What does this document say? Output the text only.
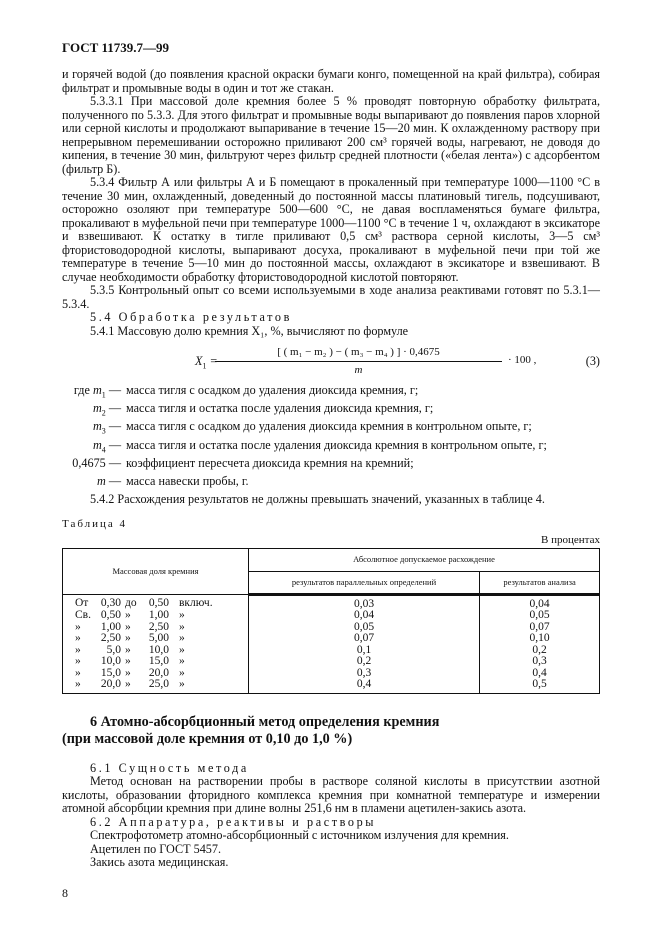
ГОСТ 11739.7—99

и горячей водой (до появления красной окраски бумаги конго, помещенной на край фильтра), собирая фильтрат и промывные воды в один и тот же стакан.

5.3.3.1 При массовой доле кремния более 5 % проводят повторную обработку фильтрата, полученного по 5.3.3. Для этого фильтрат и промывные воды выпаривают до появления паров хлорной или серной кислоты и продолжают выпаривание в течение 15—20 мин. К охлажденному раствору при непрерывном перемешивании осторожно приливают 200 см³ горячей воды, нагревают, не доводя до кипения, в течение 30 мин, фильтруют через фильтр средней плотности («белая лента») с адсорбентом (фильтр Б).

5.3.4 Фильтр А или фильтры А и Б помещают в прокаленный при температуре 1000—1100 °С в течение 30 мин, охлажденный, доведенный до постоянной массы платиновый тигель, подсушивают, осторожно озоляют при температуре 500—600 °С, не давая воспламеняться бумаге фильтра, прокаливают в муфельной печи при температуре 1000—1100 °С в течение 1 ч, охлаждают в эксикаторе и взвешивают. К остатку в тигле приливают 0,5 см³ раствора серной кислоты, 3—5 см³ фтористоводородной кислоты, выпаривают досуха, прокаливают в муфельной печи при той же температуре в течение 5—10 мин до постоянной массы, охлаждают в эксикаторе и взвешивают. В случае необходимости обработку фтористоводородной кислотой повторяют.

5.3.5 Контрольный опыт со всеми используемыми в ходе анализа реактивами готовят по 5.3.1—5.3.4.

5.4 Обработка результатов

5.4.1 Массовую долю кремния X₁, %, вычисляют по формуле

$X_1$ =
[ ( m₁ − m₂ ) − ( m₃ − m₄ ) ] · 0,4675
m
· 100 ,	(3)
где $m_1$ — масса тигля с осадком до удаления диоксида кремния, г;
$m_2$ — масса тигля и остатка после удаления диоксида кремния, г;
$m_3$ — масса тигля с осадком до удаления диоксида кремния в контрольном опыте, г;
$m_4$ — масса тигля и остатка после удаления диоксида кремния в контрольном опыте, г;
0,4675 — коэффициент пересчета диоксида кремния на кремний;
m — масса навески пробы, г.

5.4.2 Расхождения результатов не должны превышать значений, указанных в таблице 4.

Таблица 4
В процентах
Массовая доля кремния	Абсолютное допускаемое расхождение	
	результатов параллельных определений	результатов анализа

От 0,30 до 0,50 включ.	0,03	0,04

Св. 0,50 » 1,00 »	0,04	0,05

» 1,00 » 2,50 »	0,05	0,07

» 2,50 » 5,00 »	0,07	0,10

» 5,0 » 10,0 »	0,1	0,2

» 10,0 » 15,0 »	0,2	0,3

» 15,0 » 20,0 »	0,3	0,4

» 20,0 » 25,0 »	0,4	0,5
6 Атомно-абсорбционный метод определения кремния
(при массовой доле кремния от 0,10 до 1,0 %)

6.1 Сущность метода

Метод основан на растворении пробы в растворе соляной кислоты в присутствии азотной кислоты, образовании фторидного комплекса кремния при комнатной температуре и измерении атомной абсорбции кремния при длине волны 251,6 нм в пламени ацетилен-закись азота.

6.2 Аппаратура, реактивы и растворы

Спектрофотометр атомно-абсорбционный с источником излучения для кремния.

Ацетилен по ГОСТ 5457.

Закись азота медицинская.

8
